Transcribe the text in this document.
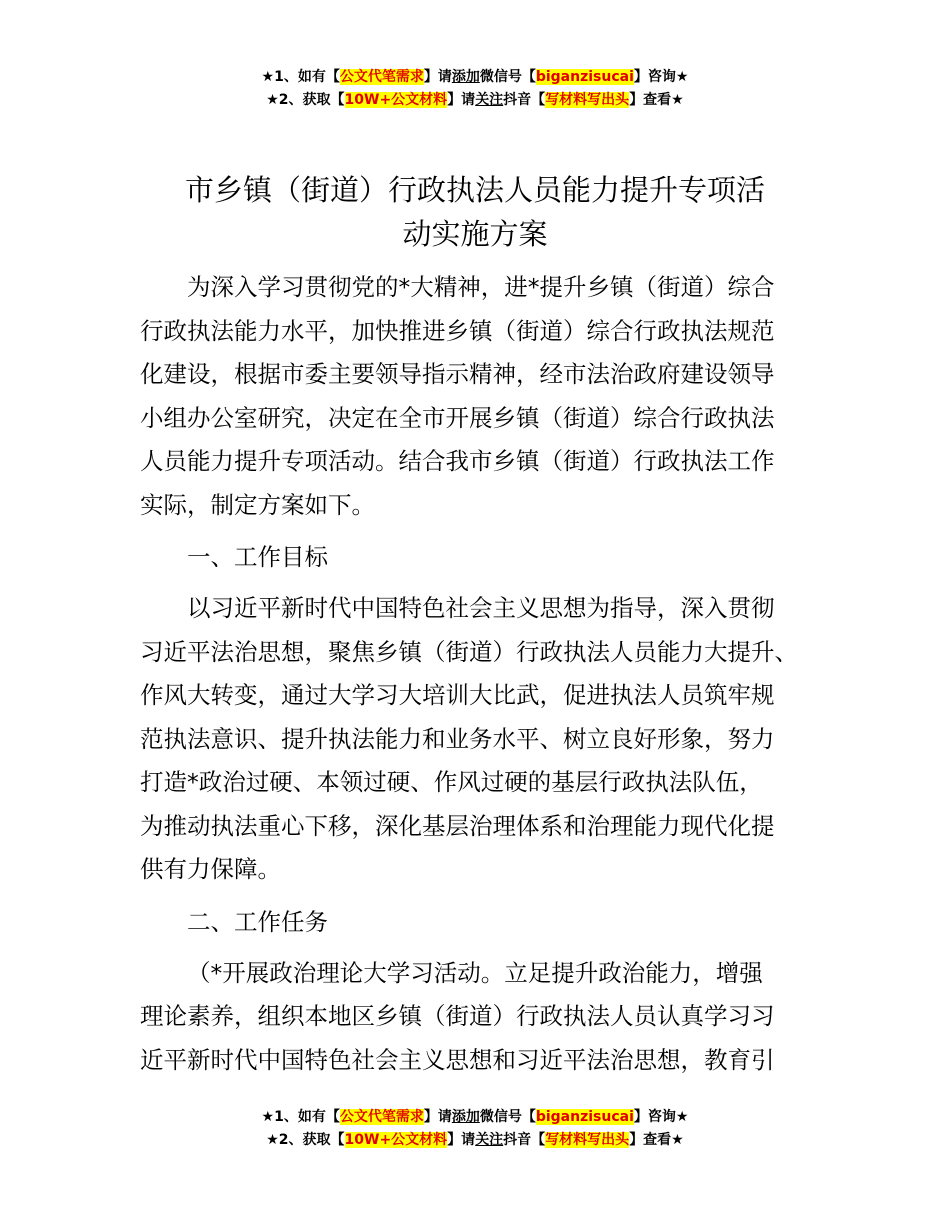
★1、如有【公文代笔需求】请添加微信号【biganzisucai】咨询★
★2、获取【10W+公文材料】请关注抖音【写材料写出头】查看★
市乡镇（街道）行政执法人员能力提升专项活
动实施方案
为深入学习贯彻党的*大精神，进*提升乡镇（街道）综合
行政执法能力水平，加快推进乡镇（街道）综合行政执法规范
化建设，根据市委主要领导指示精神，经市法治政府建设领导
小组办公室研究，决定在全市开展乡镇（街道）综合行政执法
人员能力提升专项活动。结合我市乡镇（街道）行政执法工作
实际，制定方案如下。
一、工作目标
以习近平新时代中国特色社会主义思想为指导，深入贯彻
习近平法治思想，聚焦乡镇（街道）行政执法人员能力大提升、
作风大转变，通过大学习大培训大比武，促进执法人员筑牢规
范执法意识、提升执法能力和业务水平、树立良好形象，努力
打造*政治过硬、本领过硬、作风过硬的基层行政执法队伍，
为推动执法重心下移，深化基层治理体系和治理能力现代化提
供有力保障。
二、工作任务
（*开展政治理论大学习活动。立足提升政治能力，增强
理论素养，组织本地区乡镇（街道）行政执法人员认真学习习
近平新时代中国特色社会主义思想和习近平法治思想，教育引
★1、如有【公文代笔需求】请添加微信号【biganzisucai】咨询★
★2、获取【10W+公文材料】请关注抖音【写材料写出头】查看★
